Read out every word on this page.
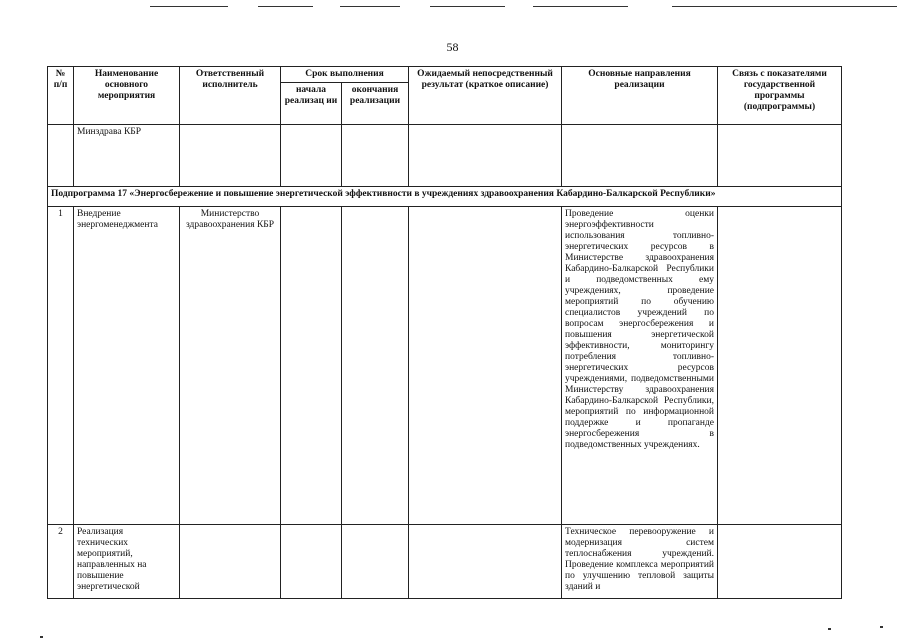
58
№ п/п	Наименование основного мероприятия	Ответственный исполнитель	Срок выполнения		Ожидаемый непосредственный результат (краткое описание)	Основные направления реализации	Связь с показателями государственной программы (подпрограммы)
			начала реализац ии	окончания реализации			
	Минздрава КБР						
Подпрограмма 17 «Энергосбережение и повышение энергетической эффективности в учреждениях здравоохранения Кабардино-Балкарской Республики»							
1	Внедрение энергоменеджмента	Министерство здравоохранения КБР				Проведение оценки энергоэффективности использования топливно-энергетических ресурсов в Министерстве здравоохранения Кабардино-Балкарской Республики и подведомственных ему учреждениях, проведение мероприятий по обучению специалистов учреждений по вопросам энергосбережения и повышения энергетической эффективности, мониторингу потребления топливно-энергетических ресурсов учреждениями, подведомственными Министерству здравоохранения Кабардино-Балкарской Республики, мероприятий по информационной поддержке и пропаганде энергосбережения в подведомственных учреждениях.	
2	Реализация технических мероприятий, направленных на повышение энергетической					Техническое перевооружение и модернизация систем теплоснабжения учреждений. Проведение комплекса мероприятий по улучшению тепловой защиты зданий и	
